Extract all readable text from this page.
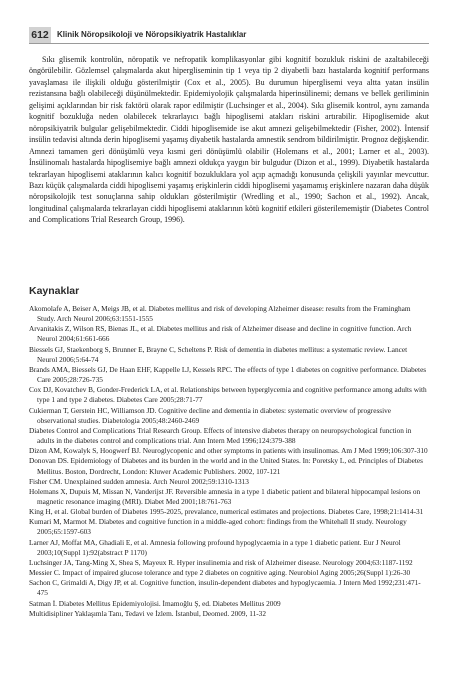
612 Klinik Nöropsikoloji ve Nöropsikiyatrik Hastalıklar

Sıkı glisemik kontrolün, nöropatik ve nefropatik komplikasyonlar gibi kognitif bozukluk riskini de azaltabileceği öngörülebilir. Gözlemsel çalışmalarda akut hipergliseminin tip 1 veya tip 2 diyabetli bazı hastalarda kognitif performans yavaşlaması ile ilişkili olduğu gösterilmiştir (Cox et al., 2005). Bu durumun hiperglisemi veya altta yatan insülin rezistansına bağlı olabileceği düşünülmektedir. Epidemiyolojik çalışmalarda hiperinsülinemi; demans ve bellek geriliminin gelişimi açıklarından bir risk faktörü olarak rapor edilmiştir (Luchsinger et al., 2004). Sıkı glisemik kontrol, aynı zamanda kognitif bozukluğa neden olabilecek tekrarlayıcı bağlı hipoglisemi atakları riskini artırabilir. Hipoglisemide akut nöropsikiyatrik bulgular gelişebilmektedir. Ciddi hipoglisemide ise akut amnezi gelişebilmektedir (Fisher, 2002). İntensif insülin tedavisi altında derin hipoglisemi yaşamış diyabetik hastalarda amnestik sendrom bildirilmiştir. Prognoz değişkendir. Amnezi tamamen geri dönüşümlü veya kısmi geri dönüşümlü olabilir (Holemans et al., 2001; Larner et al., 2003). İnsülinomalı hastalarda hipoglisemiye bağlı amnezi oldukça yaygın bir bulgudur (Dizon et al., 1999). Diyabetik hastalarda tekrarlayan hipoglisemi ataklarının kalıcı kognitif bozukluklara yol açıp açmadığı konusunda çelişkili yayınlar mevcuttur. Bazı küçük çalışmalarda ciddi hipoglisemi yaşamış erişkinlerin ciddi hipoglisemi yaşamamış erişkinlere nazaran daha düşük nöropsikolojik test sonuçlarına sahip oldukları gösterilmiştir (Wredling et al., 1990; Sachon et al., 1992). Ancak, longitudinal çalışmalarda tekrarlayan ciddi hipoglisemi ataklarının kötü kognitif etkileri gösterilememiştir (Diabetes Control and Complications Trial Research Group, 1996).

Kaynaklar
Akomolafe A, Beiser A, Meigs JB, et al. Diabetes mellitus and risk of developing Alzheimer disease: results from the Framingham Study. Arch Neurol 2006;63:1551-1555
Arvanitakis Z, Wilson RS, Bienas JL, et al. Diabetes mellitus and risk of Alzheimer disease and decline in cognitive function. Arch Neurol 2004;61:661-666
Biessels GJ, Staekenborg S, Brunner E, Brayne C, Scheltens P. Risk of dementia in diabetes mellitus: a systematic review. Lancet Neurol 2006;5:64-74
Brands AMA, Biessels GJ, De Haan EHF, Kappelle LJ, Kessels RPC. The effects of type 1 diabetes on cognitive performance. Diabetes Care 2005;28:726-735
Cox DJ, Kovatchev B, Gonder-Frederick LA, et al. Relationships between hyperglycemia and cognitive performance among adults with type 1 and type 2 diabetes. Diabetes Care 2005;28:71-77
Cukierman T, Gerstein HC, Williamson JD. Cognitive decline and dementia in diabetes: systematic overview of progressive observational studies. Diabetologia 2005;48:2460-2469
Diabetes Control and Complications Trial Research Group. Effects of intensive diabetes therapy on neuropsychological function in adults in the diabetes control and complications trial. Ann Intern Med 1996;124:379-388
Dizon AM, Kowalyk S, Hoogwerf BJ. Neuroglycopenic and other symptoms in patients with insulinomas. Am J Med 1999;106:307-310
Donovan DS. Epidemiology of Diabetes and its burden in the world and in the United States. In: Poretsky L, ed. Principles of Diabetes Mellitus. Boston, Dordrecht, London: Kluwer Academic Publishers. 2002, 107-121
Fisher CM. Unexplained sudden amnesia. Arch Neurol 2002;59:1310-1313
Holemans X, Dupuis M, Missan N, Vanderijst JF. Reversible amnesia in a type 1 diabetic patient and bilateral hippocampal lesions on magnetic resonance imaging (MRI). Diabet Med 2001;18:761-763
King H, et al. Global burden of Diabetes 1995-2025, prevalance, numerical estimates and projections. Diabetes Care, 1998;21:1414-31
Kumari M, Marmot M. Diabetes and cognitive function in a middle-aged cohort: findings from the Whitehall II study. Neurology 2005;65:1597-603
Larner AJ, Moffat MA, Ghadiali E, et al. Amnesia following profound hypoglycaemia in a type 1 diabetic patient. Eur J Neurol 2003;10(Suppl 1):92(abstract P 1170)
Luchsinger JA, Tang-Ming X, Shea S, Mayeux R. Hyper insulinemia and risk of Alzheimer disease. Neurology 2004;63:1187-1192
Messier C. Impact of impaired glucose tolerance and type 2 diabetes on cognitive aging. Neurobiol Aging 2005;26(Suppl 1):26-30
Sachon C, Grimaldi A, Digy JP, et al. Cognitive function, insulin-dependent diabetes and hypoglycaemia. J Intern Med 1992;231:471-475
Satman İ. Diabetes Mellitus Epidemiyolojisi. İmamoğlu Ş, ed. Diabetes Mellitus 2009
Multidisipliner Yaklaşımla Tanı, Tedavi ve İzlem. İstanbul, Deomed. 2009, 11-32
